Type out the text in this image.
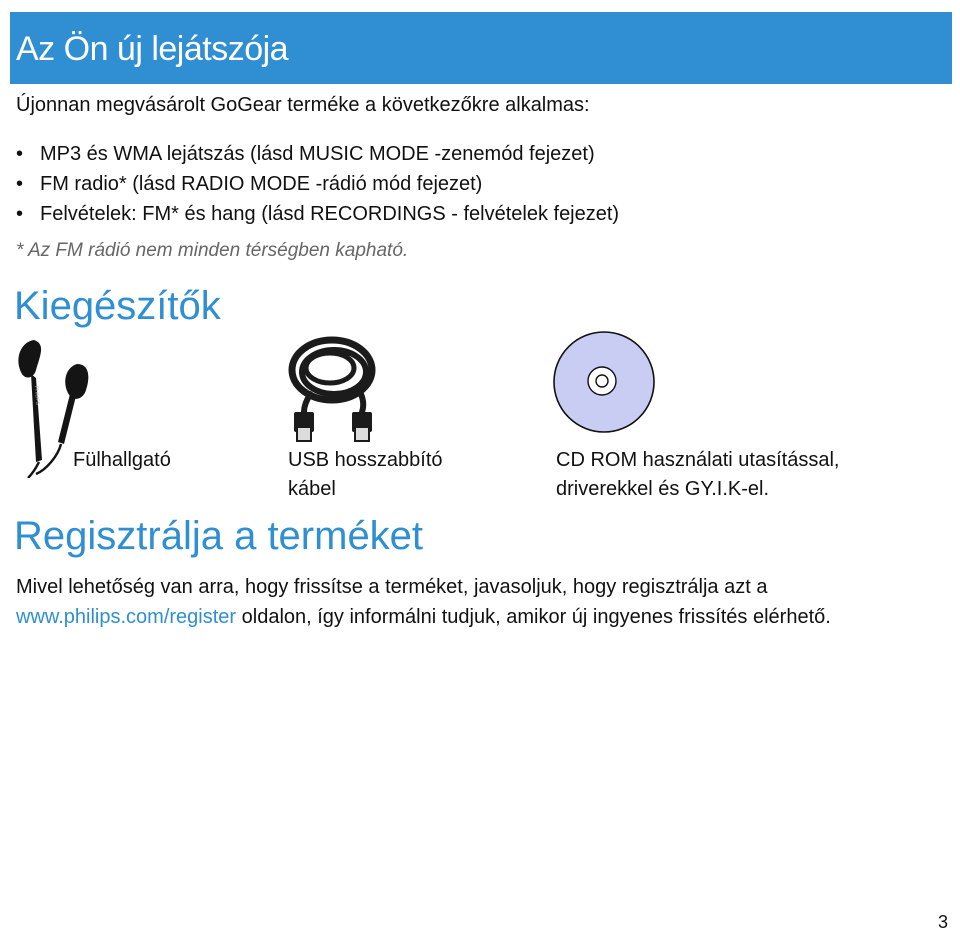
Az Ön új lejátszója
Újonnan megvásárolt GoGear terméke a következőkre alkalmas:
• MP3 és WMA lejátszás (lásd MUSIC MODE -zenemód fejezet)
• FM radio* (lásd RADIO MODE -rádió mód fejezet)
• Felvételek: FM* és hang (lásd RECORDINGS - felvételek fejezet)
* Az FM rádió nem minden térségben kapható.
Kiegészítők
PHILIPS
Fülhallgató	USB hosszabbító
kábel
CD ROM használati utasítással,
driverekkel és GY.I.K-el.
Regisztrálja a terméket
Mivel lehetőség van arra, hogy frissítse a terméket, javasoljuk, hogy regisztrálja azt a
www.philips.com/register oldalon, így informálni tudjuk, amikor új ingyenes frissítés elérhető.
3
